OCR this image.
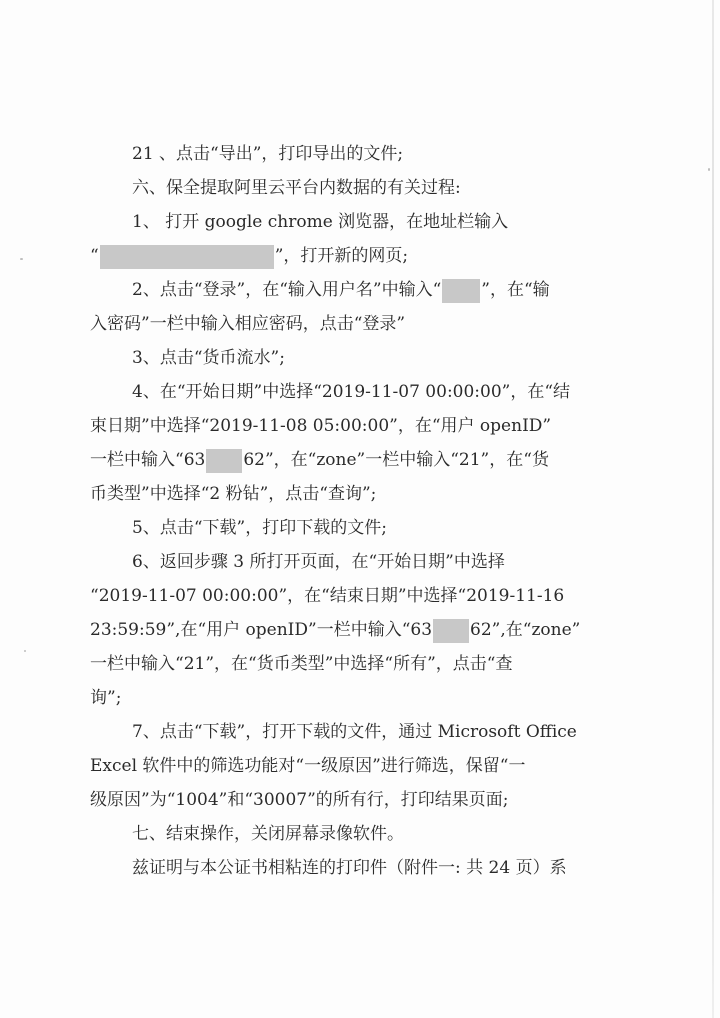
21 、点击“导出”，打印导出的文件;
六、保全提取阿里云平台内数据的有关过程:
1、 打开 google chrome 浏览器，在地址栏输入
“	”，打开新的网页;
2、点击“登录”，在“输入用户名”中输入“ ”，在“输
入密码”一栏中输入相应密码，点击“登录”
3、点击“货币流水”;
4、在“开始日期”中选择“2019-11-07 00:00:00”，在“结
束日期”中选择“2019-11-08 05:00:00”，在“用户 openID”
一栏中输入“63 62”，在“zone”一栏中输入“21”，在“货
币类型”中选择“2 粉钻”，点击“查询”;
5、点击“下载”，打印下载的文件;
6、返回步骤 3 所打开页面，在“开始日期”中选择
“2019-11-07 00:00:00”，在“结束日期”中选择“2019-11-16
23:59:59”,在“用户 openID”一栏中输入“63 62”,在“zone”
一栏中输入“21”，在“货币类型”中选择“所有”，点击“查
询”;
7、点击“下载”，打开下载的文件，通过 Microsoft Office
Excel 软件中的筛选功能对“一级原因”进行筛选，保留“一
级原因”为“1004”和“30007”的所有行，打印结果页面;
七、结束操作，关闭屏幕录像软件。
兹证明与本公证书相粘连的打印件（附件一: 共 24 页）系
